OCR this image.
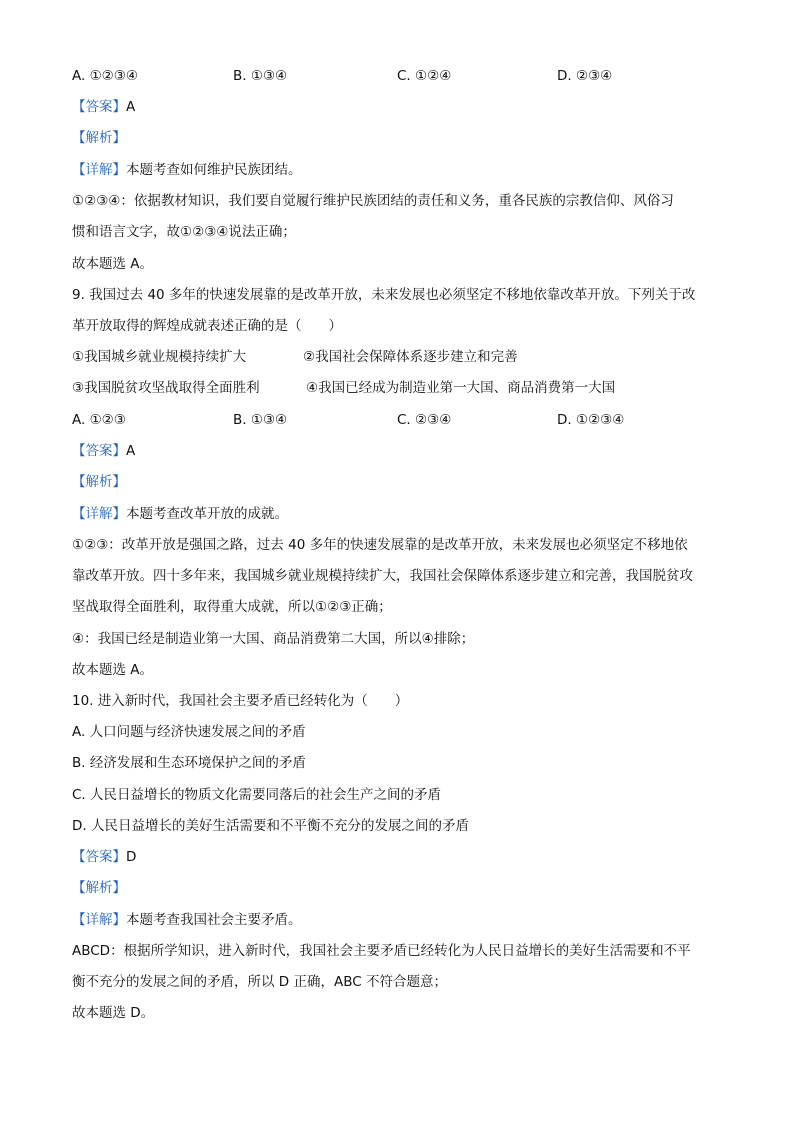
A. ①②③④	B. ①③④	C. ①②④	D. ②③④
【答案】A
【解析】
【详解】本题考查如何维护民族团结。
①②③④：依据教材知识，我们要自觉履行维护民族团结的责任和义务，重各民族的宗教信仰、风俗习
惯和语言文字，故①②③④说法正确；
故本题选 A。
9. 我国过去 40 多年的快速发展靠的是改革开放，未来发展也必须坚定不移地依靠改革开放。下列关于改
革开放取得的辉煌成就表述正确的是（　　）
①我国城乡就业规模持续扩大	②我国社会保障体系逐步建立和完善
③我国脱贫攻坚战取得全面胜利	④我国已经成为制造业第一大国、商品消费第一大国
A. ①②③	B. ①③④	C. ②③④	D. ①②③④
【答案】A
【解析】
【详解】本题考查改革开放的成就。
①②③：改革开放是强国之路，过去 40 多年的快速发展靠的是改革开放，未来发展也必须坚定不移地依
靠改革开放。四十多年来，我国城乡就业规模持续扩大，我国社会保障体系逐步建立和完善，我国脱贫攻
坚战取得全面胜利，取得重大成就，所以①②③正确；
④：我国已经是制造业第一大国、商品消费第二大国，所以④排除；
故本题选 A。
10. 进入新时代，我国社会主要矛盾已经转化为（　　）
A. 人口问题与经济快速发展之间的矛盾
B. 经济发展和生态环境保护之间的矛盾
C. 人民日益增长的物质文化需要同落后的社会生产之间的矛盾
D. 人民日益增长的美好生活需要和不平衡不充分的发展之间的矛盾
【答案】D
【解析】
【详解】本题考查我国社会主要矛盾。
ABCD：根据所学知识，进入新时代，我国社会主要矛盾已经转化为人民日益增长的美好生活需要和不平
衡不充分的发展之间的矛盾，所以 D 正确，ABC 不符合题意；
故本题选 D。
